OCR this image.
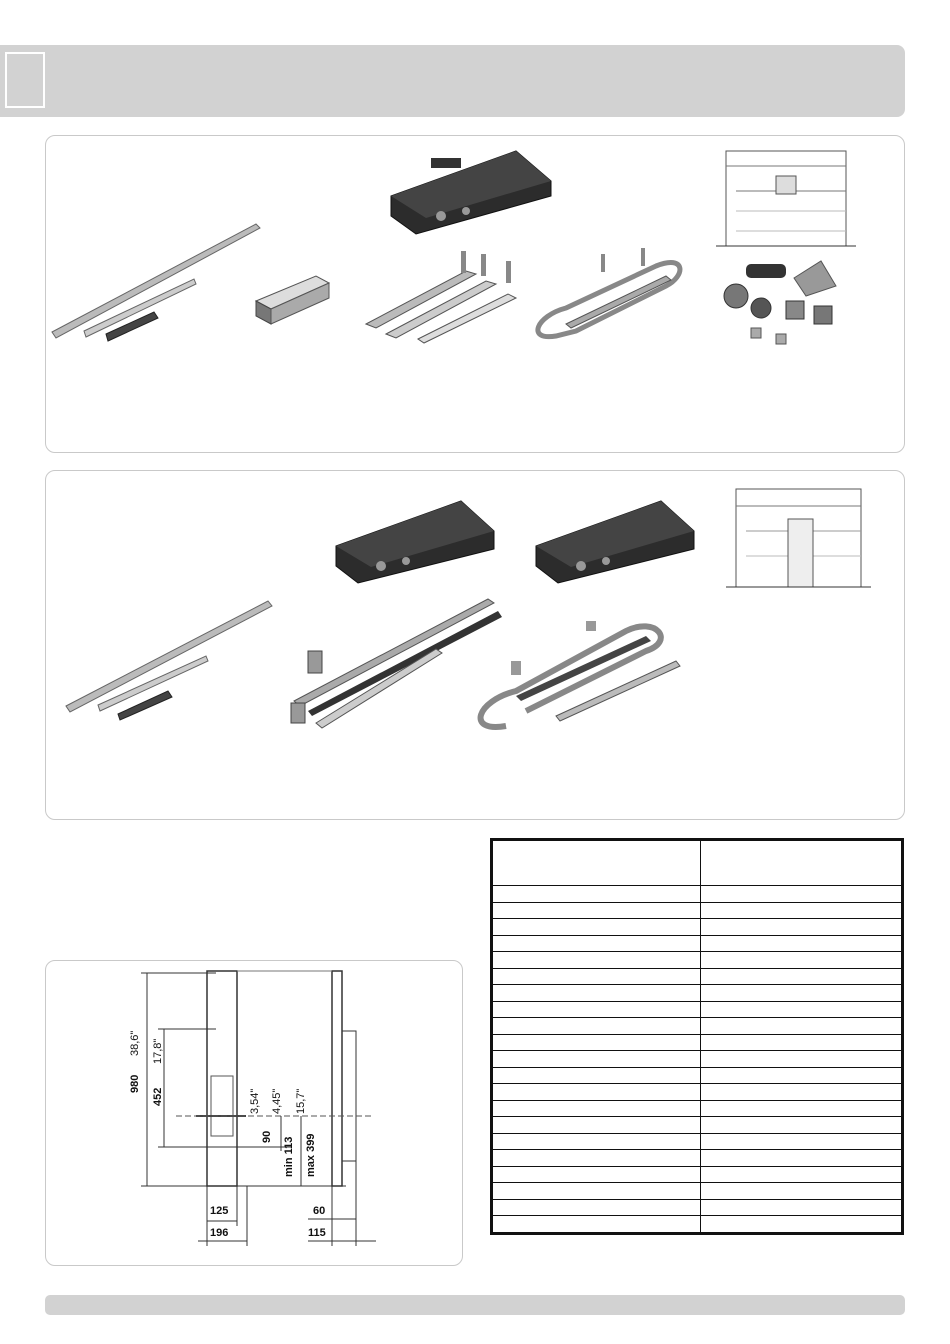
980
38,6"
452
17,8"
3,54" 4,45" 15,7"
90 min 113 max 399
125
196
60
115
